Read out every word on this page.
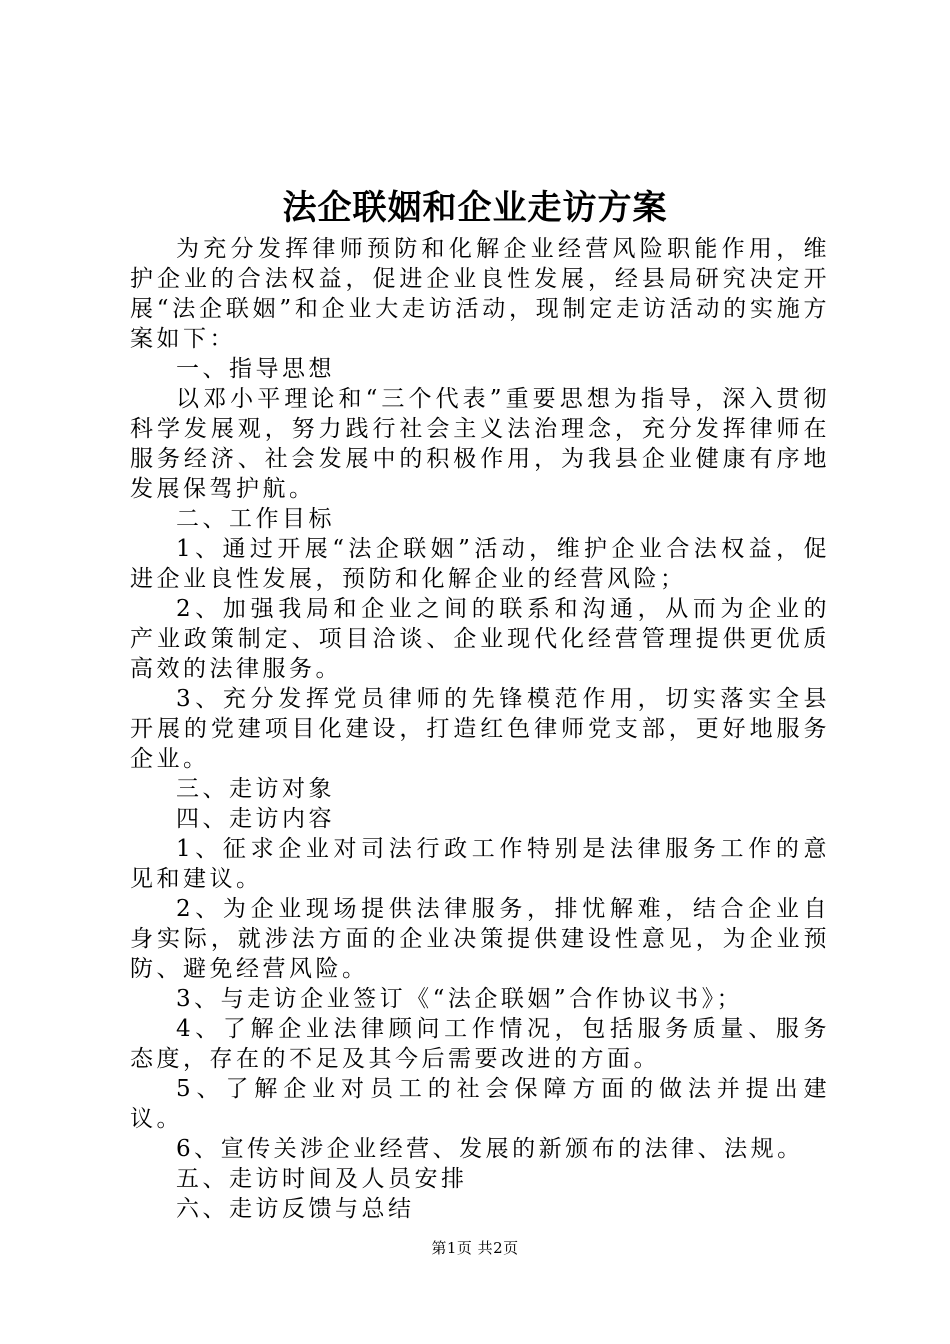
法企联姻和企业走访方案

为充分发挥律师预防和化解企业经营风险职能作用，维护企业的合法权益，促进企业良性发展，经县局研究决定开展“法企联姻”和企业大走访活动，现制定走访活动的实施方案如下：

一、指导思想

以邓小平理论和“三个代表”重要思想为指导，深入贯彻科学发展观，努力践行社会主义法治理念，充分发挥律师在服务经济、社会发展中的积极作用，为我县企业健康有序地发展保驾护航。

二、工作目标

1、通过开展“法企联姻”活动，维护企业合法权益，促进企业良性发展，预防和化解企业的经营风险；

2、加强我局和企业之间的联系和沟通，从而为企业的产业政策制定、项目洽谈、企业现代化经营管理提供更优质高效的法律服务。

3、充分发挥党员律师的先锋模范作用，切实落实全县开展的党建项目化建设，打造红色律师党支部，更好地服务企业。

三、走访对象

四、走访内容

1、征求企业对司法行政工作特别是法律服务工作的意见和建议。

2、为企业现场提供法律服务，排忧解难，结合企业自身实际，就涉法方面的企业决策提供建设性意见，为企业预防、避免经营风险。

3、与走访企业签订《“法企联姻”合作协议书》；

4、了解企业法律顾问工作情况，包括服务质量、服务态度，存在的不足及其今后需要改进的方面。

5、了解企业对员工的社会保障方面的做法并提出建议。

6、宣传关涉企业经营、发展的新颁布的法律、法规。

五、走访时间及人员安排

六、走访反馈与总结

第1页 共2页
